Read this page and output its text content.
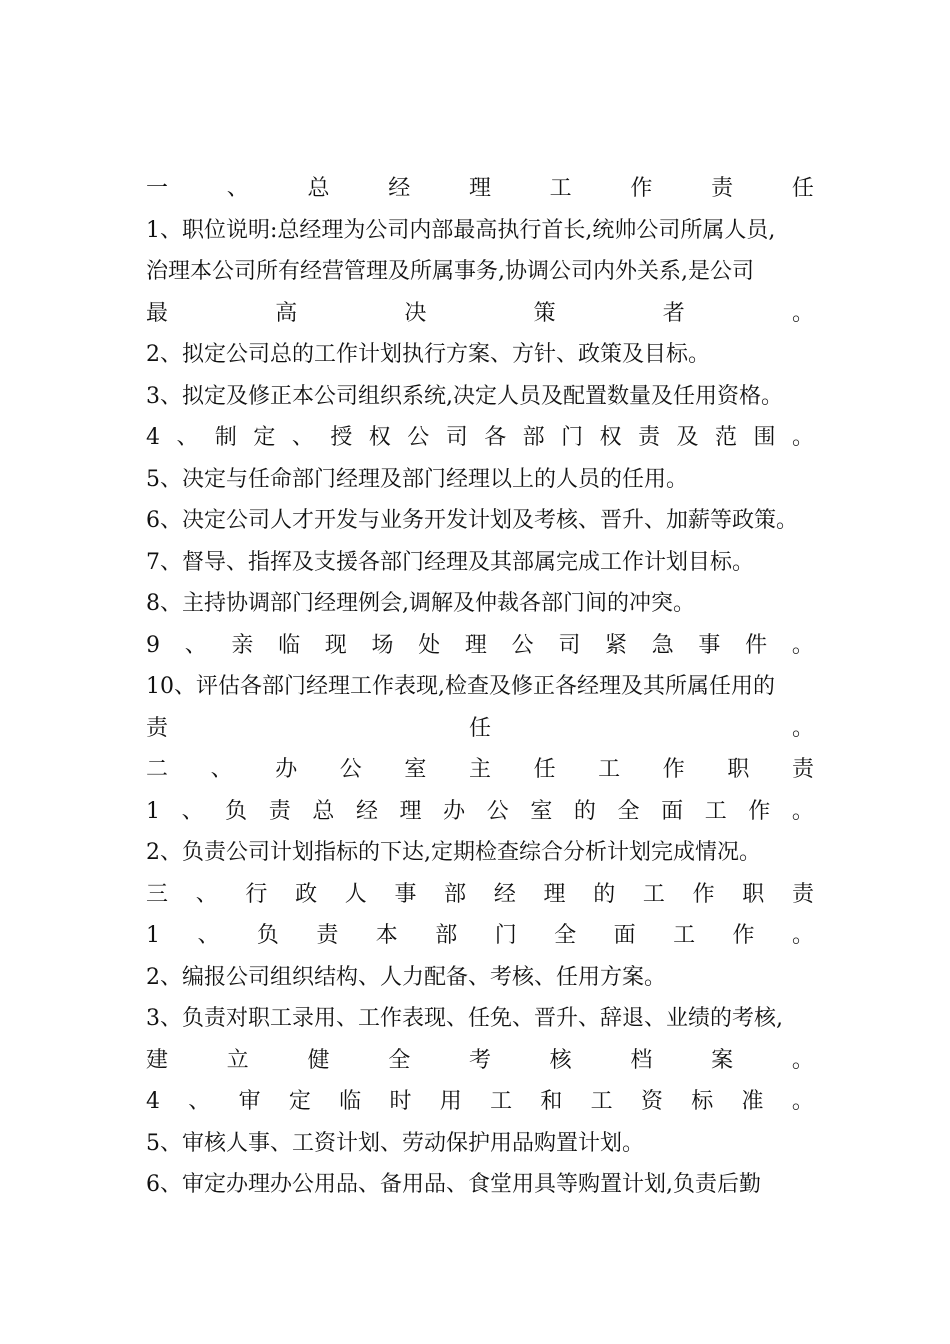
一	、	总	经	理	工	作	责	任
1、职位说明:总经理为公司内部最高执行首长,统帅公司所属人员,
治理本公司所有经营管理及所属事务,协调公司内外关系,是公司
最	高	决	策	者	。
2、拟定公司总的工作计划执行方案、方针、政策及目标。
3、拟定及修正本公司组织系统,决定人员及配置数量及任用资格。
4 、 制 定 、 授 权 公 司 各 部 门 权 责 及 范 围 。
5、决定与任命部门经理及部门经理以上的人员的任用。
6、决定公司人才开发与业务开发计划及考核、晋升、加薪等政策。
7、督导、指挥及支援各部门经理及其部属完成工作计划目标。
8、主持协调部门经理例会,调解及仲裁各部门间的冲突。
9 、 亲 临 现 场 处 理 公 司 紧 急 事 件 。
10、评估各部门经理工作表现,检查及修正各经理及其所属任用的
责	任	。
二 、 办 公 室 主 任 工 作 职 责
1 、 负 责 总 经 理 办 公 室 的 全 面 工 作 。
2、负责公司计划指标的下达,定期检查综合分析计划完成情况。
三 、 行 政 人 事 部 经 理 的 工 作 职 责
1 、 负 责 本 部 门 全 面 工 作 。
2、编报公司组织结构、人力配备、考核、任用方案。
3、负责对职工录用、工作表现、任免、晋升、辞退、业绩的考核,
建	立	健	全	考	核	档	案	。
4 、 审 定 临 时 用 工 和 工 资 标 准 。
5、审核人事、工资计划、劳动保护用品购置计划。
6、审定办理办公用品、备用品、食堂用具等购置计划,负责后勤
